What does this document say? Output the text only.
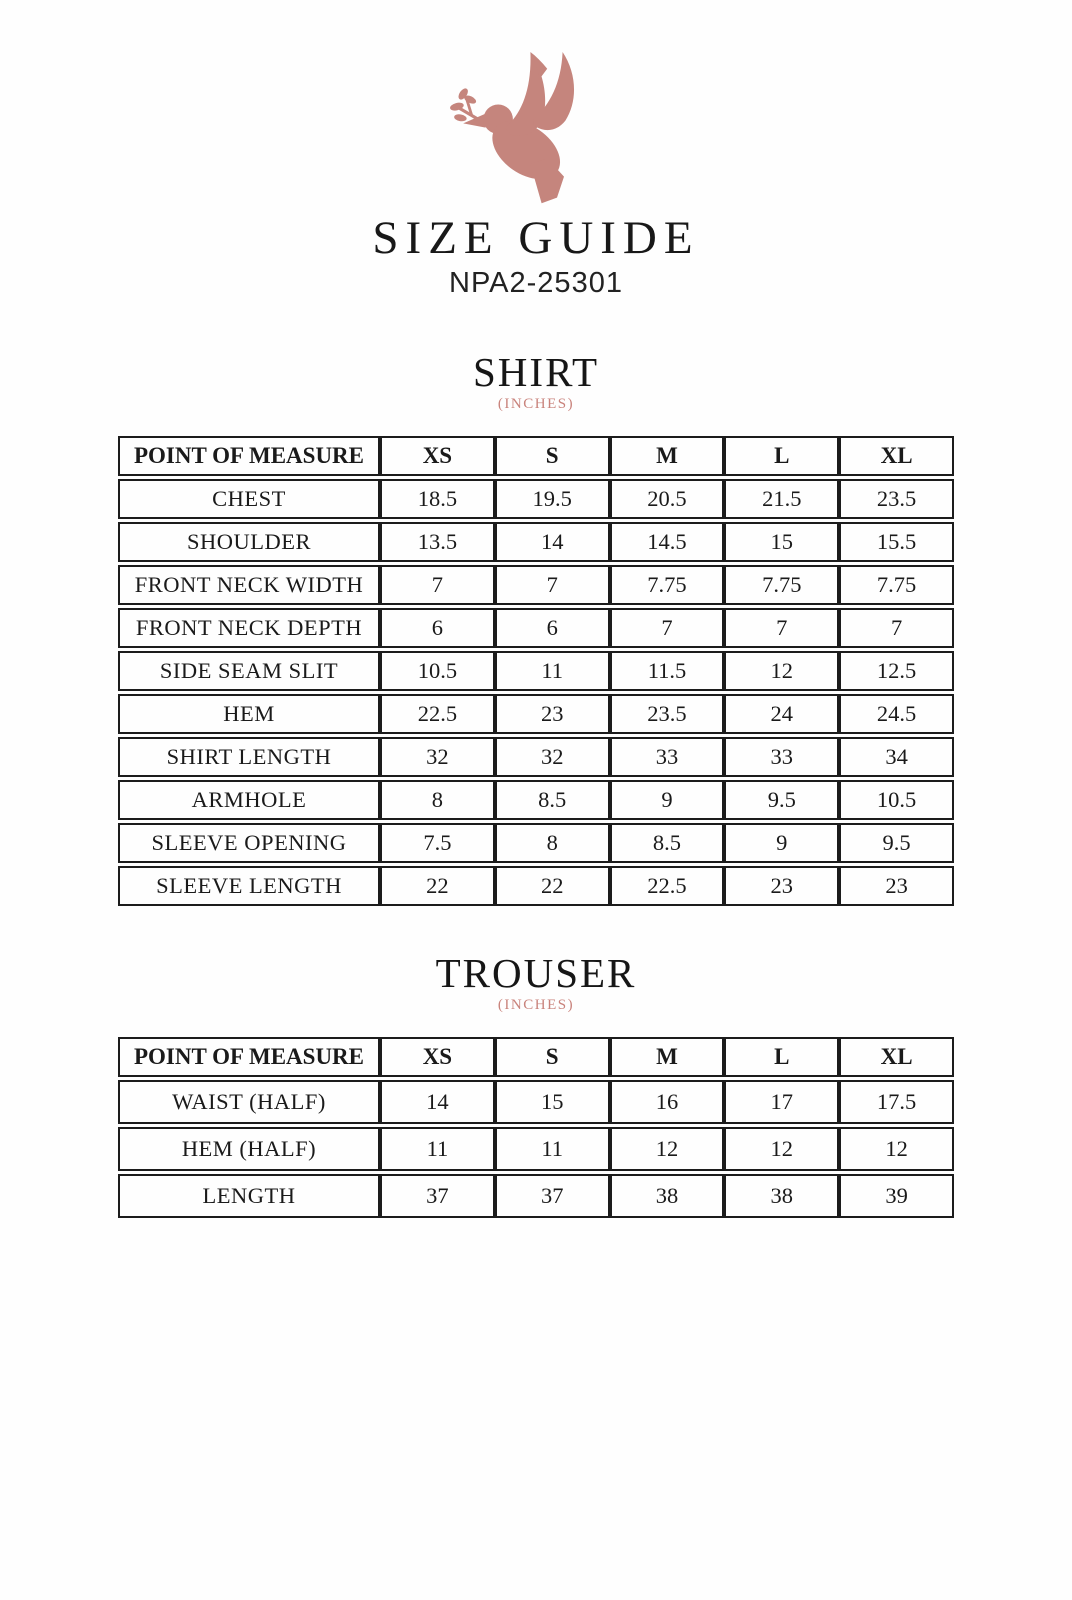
SIZE GUIDE
NPA2-25301
SHIRT
(INCHES)
POINT OF MEASURE	XS	S	M	L	XL
CHEST	18.5	19.5	20.5	21.5	23.5
SHOULDER	13.5	14	14.5	15	15.5
FRONT NECK WIDTH	7	7	7.75	7.75	7.75
FRONT NECK DEPTH	6	6	7	7	7
SIDE SEAM SLIT	10.5	11	11.5	12	12.5
HEM	22.5	23	23.5	24	24.5
SHIRT LENGTH	32	32	33	33	34
ARMHOLE	8	8.5	9	9.5	10.5
SLEEVE OPENING	7.5	8	8.5	9	9.5
SLEEVE LENGTH	22	22	22.5	23	23
TROUSER
(INCHES)
POINT OF MEASURE	XS	S	M	L	XL
WAIST (HALF)	14	15	16	17	17.5
HEM (HALF)	11	11	12	12	12
LENGTH	37	37	38	38	39
